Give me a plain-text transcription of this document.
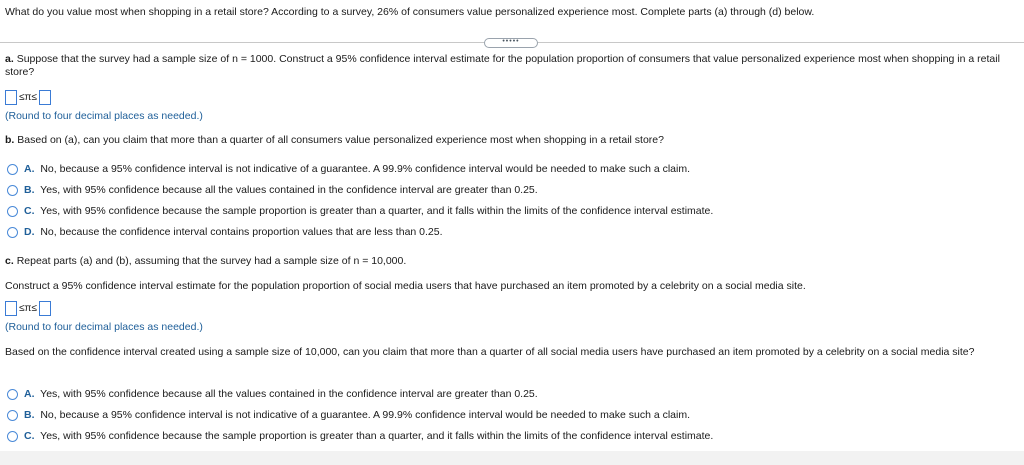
What do you value most when shopping in a retail store? According to a survey, 26% of consumers value personalized experience most. Complete parts (a) through (d) below.
•••••
a. Suppose that the survey had a sample size of n = 1000. Construct a 95% confidence interval estimate for the population proportion of consumers that value personalized experience most when shopping in a retail store?
≤π≤
(Round to four decimal places as needed.)
b. Based on (a), can you claim that more than a quarter of all consumers value personalized experience most when shopping in a retail store?
A. No, because a 95% confidence interval is not indicative of a guarantee. A 99.9% confidence interval would be needed to make such a claim.
B. Yes, with 95% confidence because all the values contained in the confidence interval are greater than 0.25.
C. Yes, with 95% confidence because the sample proportion is greater than a quarter, and it falls within the limits of the confidence interval estimate.
D. No, because the confidence interval contains proportion values that are less than 0.25.
c. Repeat parts (a) and (b), assuming that the survey had a sample size of n = 10,000.
Construct a 95% confidence interval estimate for the population proportion of social media users that have purchased an item promoted by a celebrity on a social media site.
≤π≤
(Round to four decimal places as needed.)
Based on the confidence interval created using a sample size of 10,000, can you claim that more than a quarter of all social media users have purchased an item promoted by a celebrity on a social media site?
A. Yes, with 95% confidence because all the values contained in the confidence interval are greater than 0.25.
B. No, because a 95% confidence interval is not indicative of a guarantee. A 99.9% confidence interval would be needed to make such a claim.
C. Yes, with 95% confidence because the sample proportion is greater than a quarter, and it falls within the limits of the confidence interval estimate.
